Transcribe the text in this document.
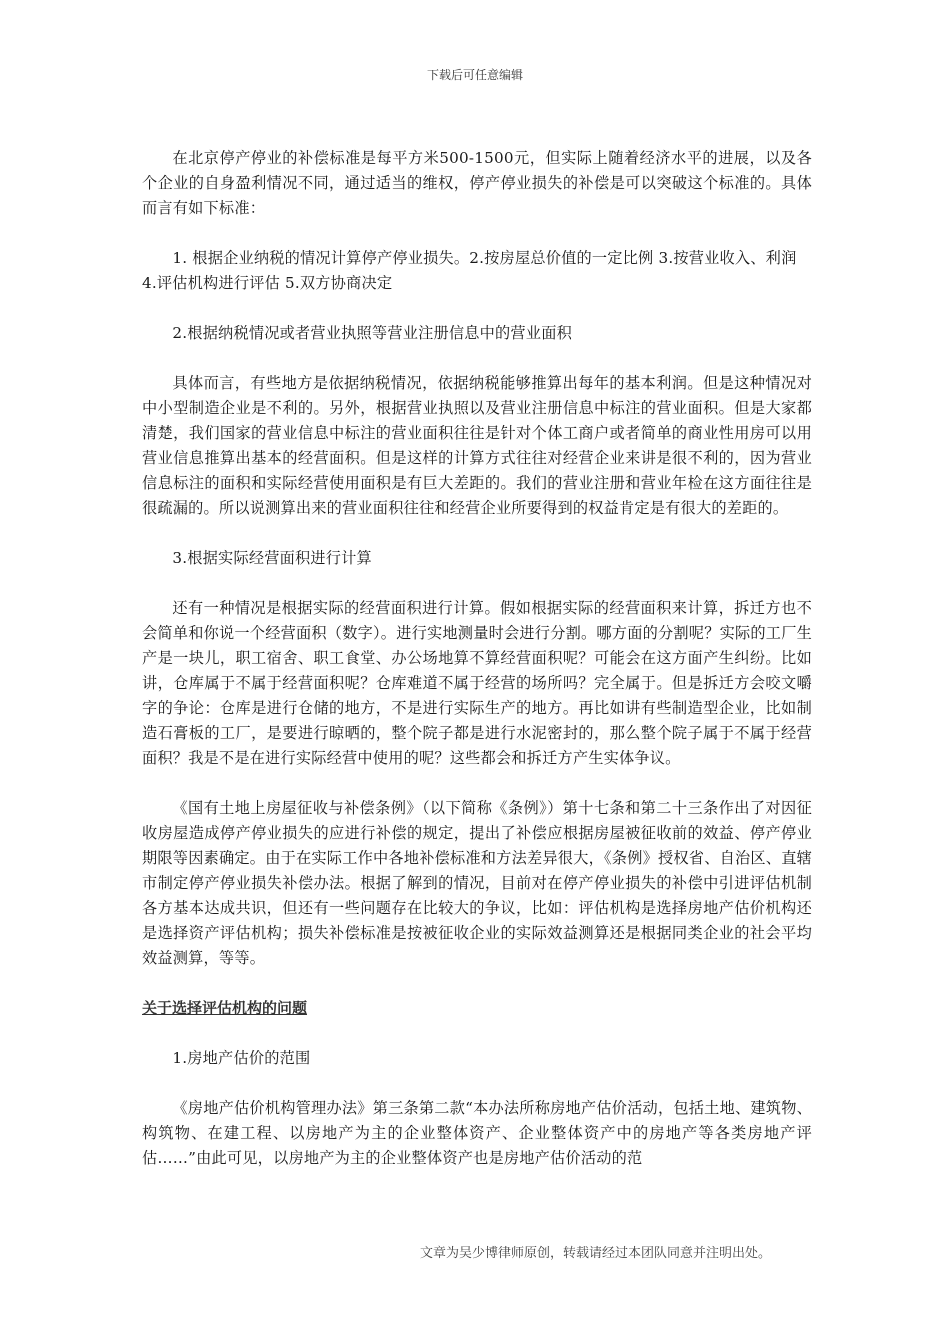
下载后可任意编辑

在北京停产停业的补偿标准是每平方米500-1500元，但实际上随着经济水平的进展，以及各个企业的自身盈利情况不同，通过适当的维权，停产停业损失的补偿是可以突破这个标准的。具体而言有如下标准：

1. 根据企业纳税的情况计算停产停业损失。2.按房屋总价值的一定比例 3.按营业收入、利润 4.评估机构进行评估 5.双方协商决定

2.根据纳税情况或者营业执照等营业注册信息中的营业面积

具体而言，有些地方是依据纳税情况，依据纳税能够推算出每年的基本利润。但是这种情况对中小型制造企业是不利的。另外，根据营业执照以及营业注册信息中标注的营业面积。但是大家都清楚，我们国家的营业信息中标注的营业面积往往是针对个体工商户或者简单的商业性用房可以用营业信息推算出基本的经营面积。但是这样的计算方式往往对经营企业来讲是很不利的，因为营业信息标注的面积和实际经营使用面积是有巨大差距的。我们的营业注册和营业年检在这方面往往是很疏漏的。所以说测算出来的营业面积往往和经营企业所要得到的权益肯定是有很大的差距的。

3.根据实际经营面积进行计算

还有一种情况是根据实际的经营面积进行计算。假如根据实际的经营面积来计算，拆迁方也不会简单和你说一个经营面积（数字）。进行实地测量时会进行分割。哪方面的分割呢？实际的工厂生产是一块儿，职工宿舍、职工食堂、办公场地算不算经营面积呢？可能会在这方面产生纠纷。比如讲，仓库属于不属于经营面积呢？仓库难道不属于经营的场所吗？完全属于。但是拆迁方会咬文嚼字的争论：仓库是进行仓储的地方，不是进行实际生产的地方。再比如讲有些制造型企业，比如制造石膏板的工厂，是要进行晾晒的，整个院子都是进行水泥密封的，那么整个院子属于不属于经营面积？我是不是在进行实际经营中使用的呢？这些都会和拆迁方产生实体争议。

《国有土地上房屋征收与补偿条例》（以下简称《条例》）第十七条和第二十三条作出了对因征收房屋造成停产停业损失的应进行补偿的规定，提出了补偿应根据房屋被征收前的效益、停产停业期限等因素确定。由于在实际工作中各地补偿标准和方法差异很大，《条例》授权省、自治区、直辖市制定停产停业损失补偿办法。根据了解到的情况，目前对在停产停业损失的补偿中引进评估机制各方基本达成共识，但还有一些问题存在比较大的争议，比如：评估机构是选择房地产估价机构还是选择资产评估机构；损失补偿标准是按被征收企业的实际效益测算还是根据同类企业的社会平均效益测算，等等。

关于选择评估机构的问题

1.房地产估价的范围

《房地产估价机构管理办法》第三条第二款“本办法所称房地产估价活动，包括土地、建筑物、构筑物、在建工程、以房地产为主的企业整体资产、企业整体资产中的房地产等各类房地产评估……”由此可见，以房地产为主的企业整体资产也是房地产估价活动的范

文章为吴少博律师原创，转载请经过本团队同意并注明出处。
